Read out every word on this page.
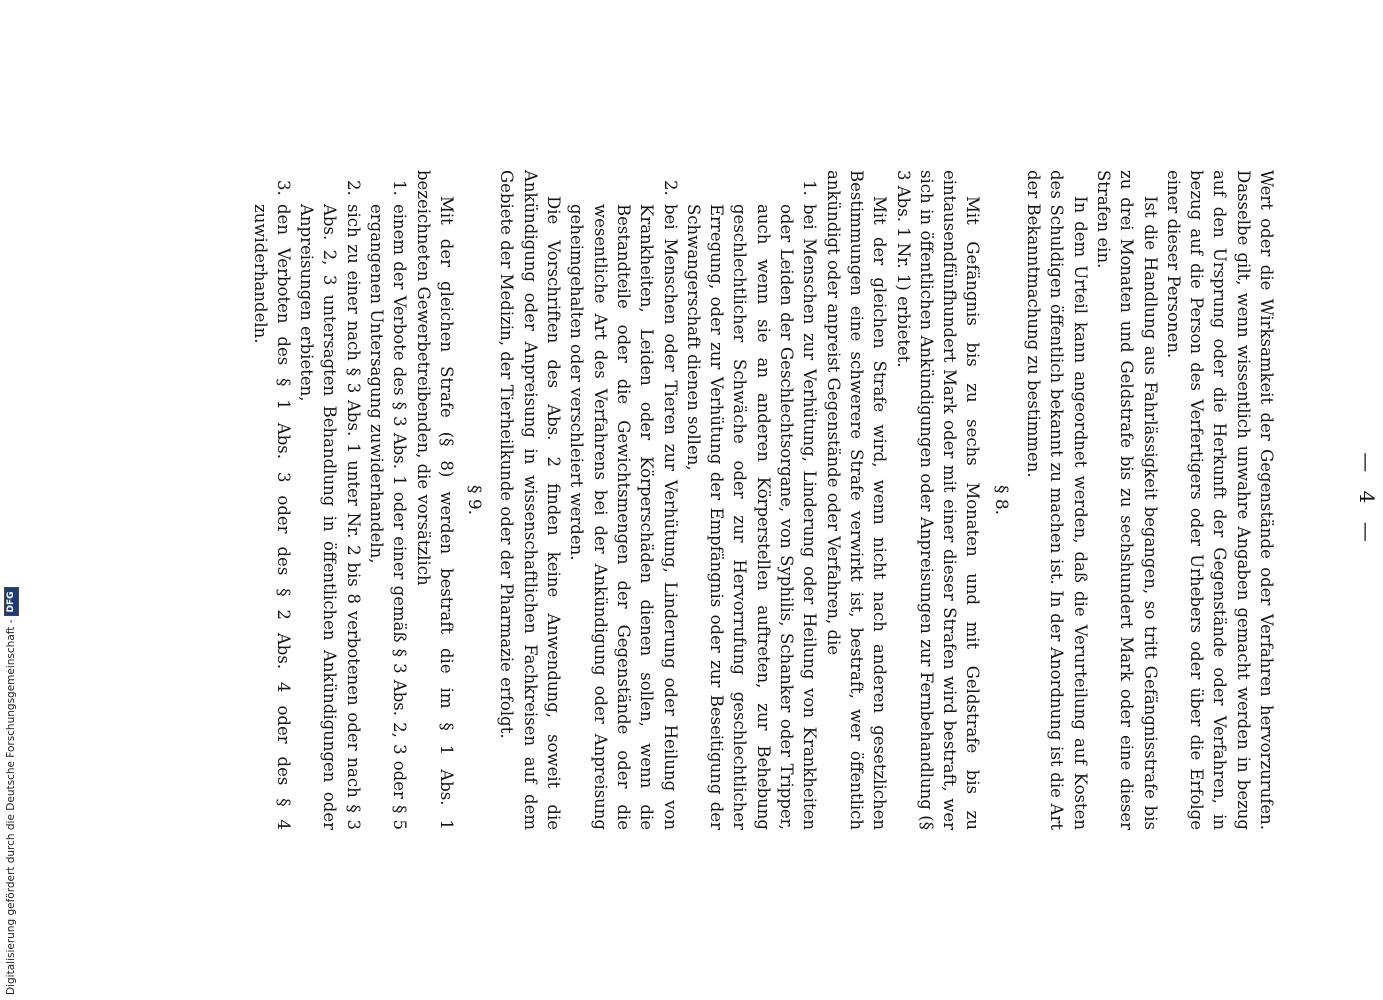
— 4 —

Wert oder die Wirksamkeit der Gegenstände oder Verfahren hervorzurufen. Dasselbe gilt, wenn wissentlich unwahre Angaben gemacht werden in bezug auf den Ursprung oder die Herkunft der Gegenstände oder Verfahren, in bezug auf die Person des Verfertigers oder Urhebers oder über die Erfolge einer dieser Personen.

Ist die Handlung aus Fahrlässigkeit begangen, so tritt Gefängnisstrafe bis zu drei Monaten und Geldstrafe bis zu sechshundert Mark oder eine dieser Strafen ein.

In dem Urteil kann angeordnet werden, daß die Verurteilung auf Kosten des Schuldigen öffentlich bekannt zu machen ist. In der Anordnung ist die Art der Bekanntmachung zu bestimmen.

§ 8.

Mit Gefängnis bis zu sechs Monaten und mit Geldstrafe bis zu eintausendfünfhundert Mark oder mit einer dieser Strafen wird bestraft, wer sich in öffentlichen Ankündigungen oder Anpreisungen zur Fernbehandlung (§ 3 Abs. 1 Nr. 1) erbietet.

Mit der gleichen Strafe wird, wenn nicht nach anderen gesetzlichen Bestimmungen eine schwerere Strafe verwirkt ist, bestraft, wer öffentlich ankündigt oder anpreist Gegenstände oder Verfahren, die

1.
bei Menschen zur Verhütung, Linderung oder Heilung von Krankheiten oder Leiden der Geschlechtsorgane, von Syphilis, Schanker oder Tripper, auch wenn sie an anderen Körperstellen auftreten, zur Behebung geschlechtlicher Schwäche oder zur Hervorrufung geschlechtlicher Erregung, oder zur Verhütung der Empfängnis oder zur Beseitigung der Schwangerschaft dienen sollen,
2.
bei Menschen oder Tieren zur Verhütung, Linderung oder Heilung von Krankheiten, Leiden oder Körperschäden dienen sollen, wenn die Bestandteile oder die Gewichtsmengen der Gegenstände oder die wesentliche Art des Verfahrens bei der Ankündigung oder Anpreisung geheimgehalten oder verschleiert werden.

Die Vorschriften des Abs. 2 finden keine Anwendung, soweit die Ankündigung oder Anpreisung in wissenschaftlichen Fachkreisen auf dem Gebiete der Medizin, der Tierheilkunde oder der Pharmazie erfolgt.

§ 9.

Mit der gleichen Strafe (§ 8) werden bestraft die im § 1 Abs. 1 bezeichneten Gewerbetreibenden, die vorsätzlich

1.
einem der Verbote des § 3 Abs. 1 oder einer gemäß § 3 Abs. 2, 3 oder § 5 ergangenen Untersagung zuwiderhandeln,
2.
sich zu einer nach § 3 Abs. 1 unter Nr. 2 bis 8 verbotenen oder nach § 3 Abs. 2, 3 untersagten Behandlung in öffentlichen Ankündigungen oder Anpreisungen erbieten,
3.
den Verboten des § 1 Abs. 3 oder des § 2 Abs. 4 oder des § 4 zuwiderhandeln.
Digitalisierung gefördert durch die Deutsche Forschungsgemeinschaft -
DFG
